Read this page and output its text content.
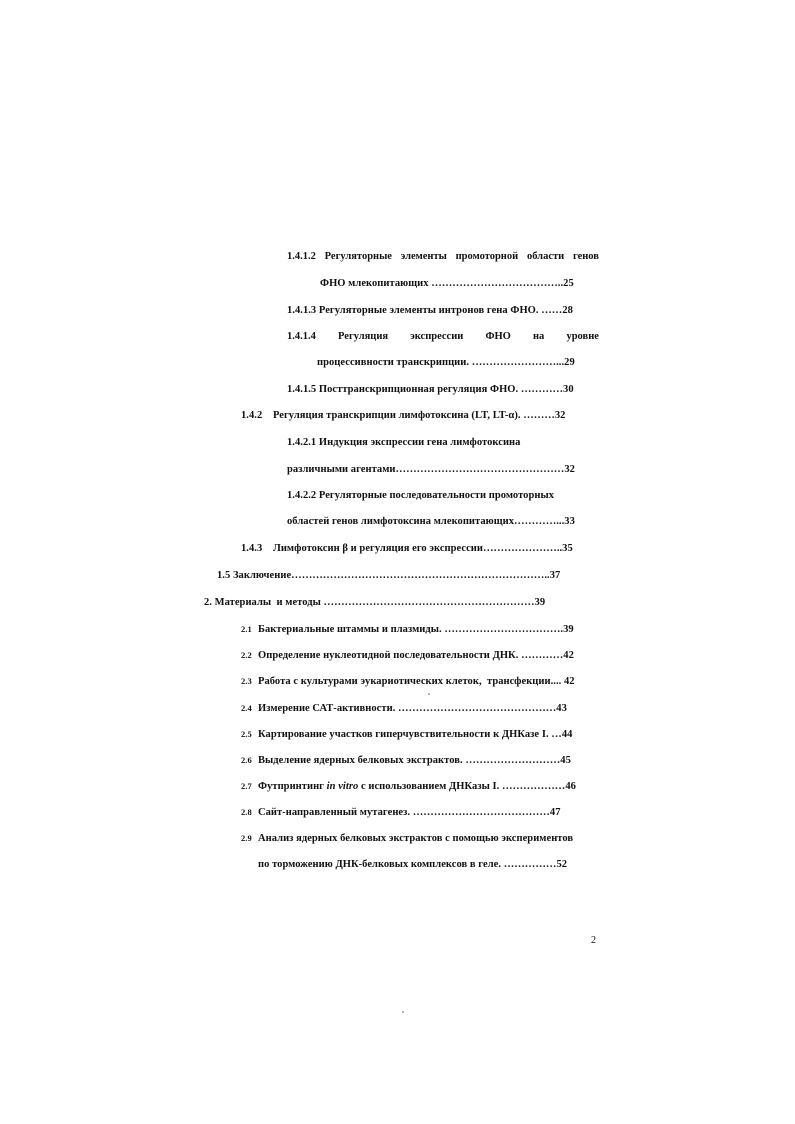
1.4.1.2 Регуляторные элементы промоторной области генов
ФНО млекопитающих ………………………………..25
1.4.1.3 Регуляторные элементы интронов гена ФНО. ……28
1.4.1.4 Регуляция экспрессии ФНО на уровне
процессивности транскрипции. ……………………...29
1.4.1.5 Посттранскрипционная регуляция ФНО. …………30
1.4.2    Регуляция транскрипции лимфотоксина (LT, LT-α). ………32
1.4.2.1 Индукция экспрессии гена лимфотоксина
различными агентами…………………………………………32
1.4.2.2 Регуляторные последовательности промоторных
областей генов лимфотоксина млекопитающих…………...33
1.4.3    Лимфотоксин β и регуляция его экспрессии…………………..35
1.5 Заключение………………………………………………………………..37
2. Материалы  и методы ……………………………………………………39
2.1 Бактериальные штаммы и плазмиды. …………………………….39
2.2 Определение нуклеотидной последовательности ДНК. …………42
2.3 Работа с культурами эукариотических клеток,  трансфекции.... 42
2.4 Измерение САТ-активности. ………………………………………43
2.5 Картирование участков гиперчувствительности к ДНКазе I. …44
2.6 Выделение ядерных белковых экстрактов. ………………………45
2.7 Футпринтинг in vitro с использованием ДНКазы I. ………………46
2.8 Сайт-направленный мутагенез. …………………………………47
2.9 Анализ ядерных белковых экстрактов с помощью экспериментов
по торможению ДНК-белковых комплексов в геле. ……………52
2
